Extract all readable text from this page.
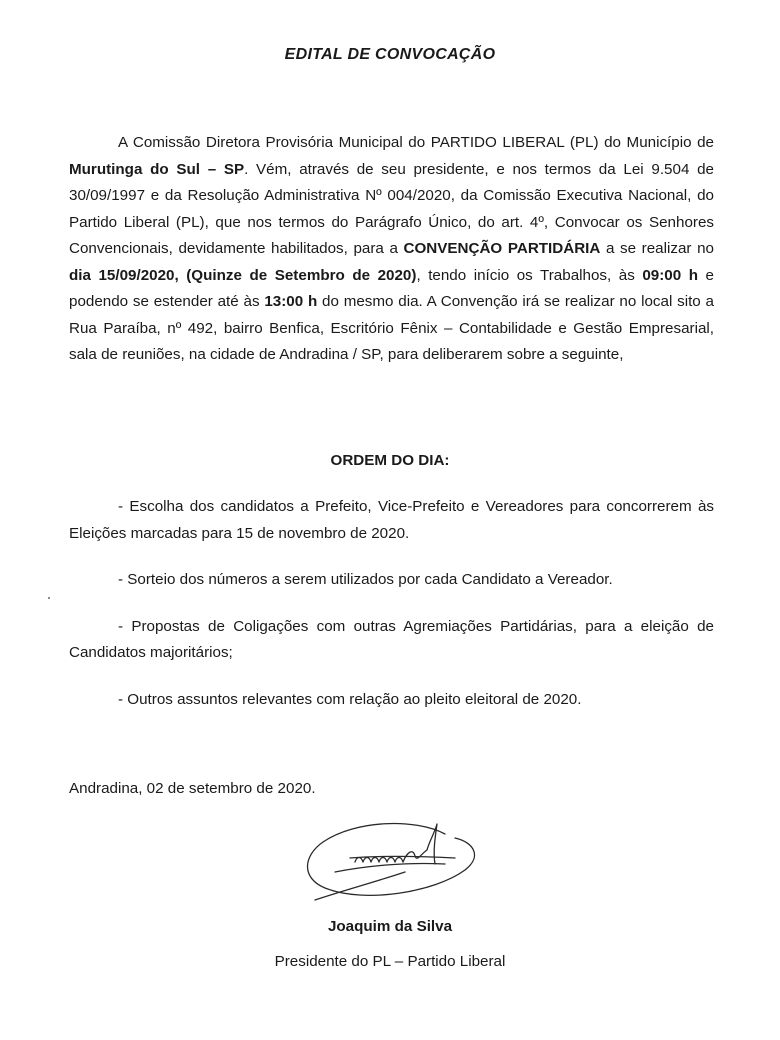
EDITAL DE CONVOCAÇÃO

A Comissão Diretora Provisória Municipal do PARTIDO LIBERAL (PL) do Município de Murutinga do Sul – SP. Vém, através de seu presidente, e nos termos da Lei 9.504 de 30/09/1997 e da Resolução Administrativa Nº 004/2020, da Comissão Executiva Nacional, do Partido Liberal (PL), que nos termos do Parágrafo Único, do art. 4º, Convocar os Senhores Convencionais, devidamente habilitados, para a CONVENÇÃO PARTIDÁRIA a se realizar no dia 15/09/2020, (Quinze de Setembro de 2020), tendo início os Trabalhos, às 09:00 h e podendo se estender até às 13:00 h do mesmo dia. A Convenção irá se realizar no local sito a Rua Paraíba, nº 492, bairro Benfica, Escritório Fênix – Contabilidade e Gestão Empresarial, sala de reuniões, na cidade de Andradina / SP, para deliberarem sobre a seguinte,

ORDEM DO DIA:

- Escolha dos candidatos a Prefeito, Vice-Prefeito e Vereadores para concorrerem às Eleições marcadas para 15 de novembro de 2020.

- Sorteio dos números a serem utilizados por cada Candidato a Vereador.

- Propostas de Coligações com outras Agremiações Partidárias, para a eleição de Candidatos majoritários;

- Outros assuntos relevantes com relação ao pleito eleitoral de 2020.

Andradina, 02 de setembro de 2020.
Joaquim da Silva
Presidente do PL – Partido Liberal
